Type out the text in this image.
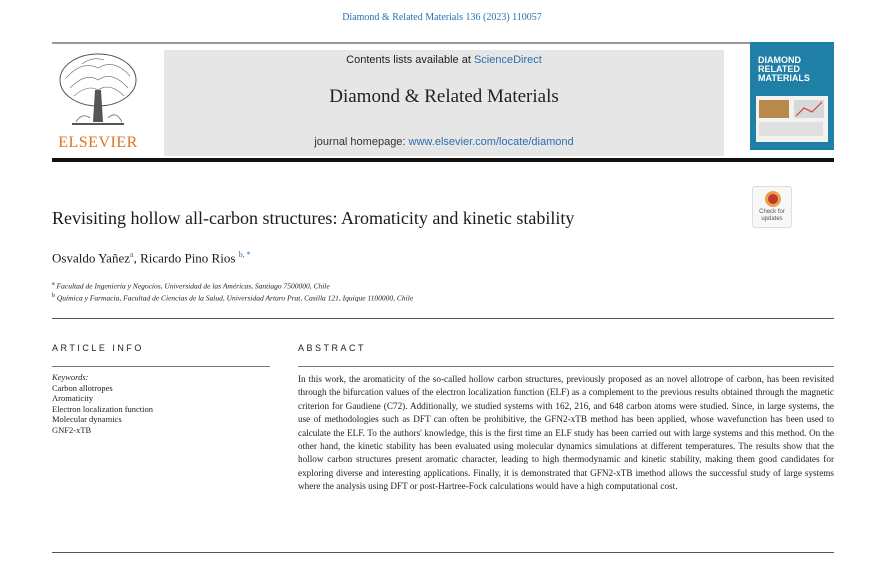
Diamond & Related Materials 136 (2023) 110057
ELSEVIER
Contents lists available at ScienceDirect
Diamond & Related Materials
journal homepage: www.elsevier.com/locate/diamond
DIAMOND
RELATED
MATERIALS
Revisiting hollow all-carbon structures: Aromaticity and kinetic stability	Check for
updates
Osvaldo Yañez$^a$, Ricardo Pino Rios $^{b, *}$
$^a$ Facultad de Ingeniería y Negocios, Universidad de las Américas, Santiago 7500000, Chile
$^b$ Química y Farmacia, Facultad de Ciencias de la Salud, Universidad Arturo Prat, Casilla 121, Iquique 1100000, Chile
ARTICLE INFO	ABSTRACT
Keywords:
Carbon allotropes
Aromaticity
Electron localization function
Molecular dynamics
GNF2-xTB
In this work, the aromaticity of the so-called hollow carbon structures, previously proposed as an novel allotrope of carbon, has been revisited through the bifurcation values of the electron localization function (ELF) as a complement to the previous results obtained through the magnetic criterion for Gaudiene (C72). Additionally, we studied systems with 162, 216, and 648 carbon atoms were studied. Since, in large systems, the use of methodologies such as DFT can often be prohibitive, the GFN2-xTB method has been applied, whose wavefunction has been used to calculate the ELF. To the authors' knowledge, this is the first time an ELF study has been carried out with large systems and this method. On the other hand, the kinetic stability has been evaluated using molecular dynamics simulations at different temperatures. The results show that the hollow carbon structures present aromatic character, leading to high thermodynamic and kinetic stability, making them good candidates for exploring diverse and interesting applications. Finally, it is demonstrated that GFN2-xTB imethod allows the successful study of large systems where the analysis using DFT or post-Hartree-Fock calculations would have a high computational cost.
